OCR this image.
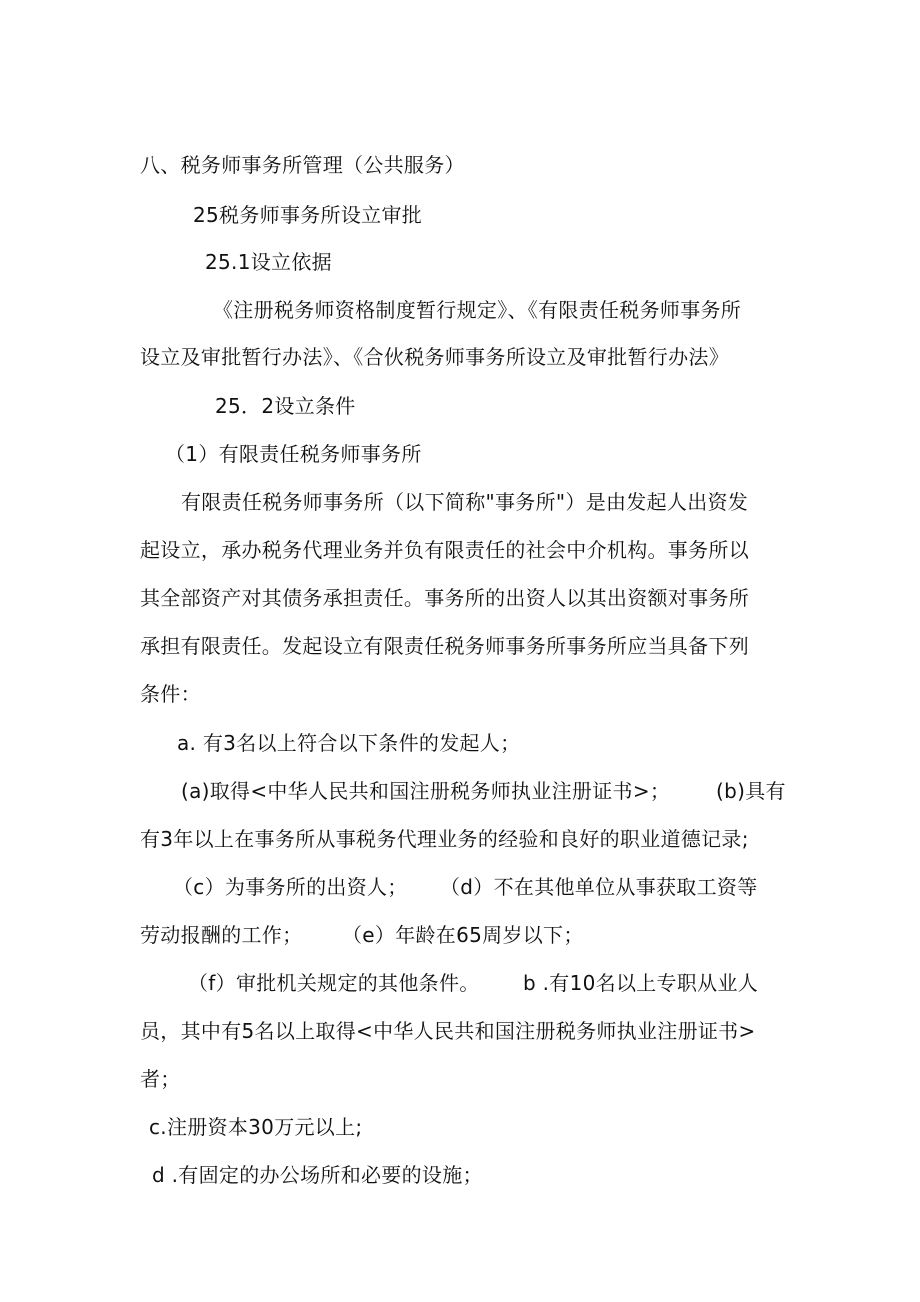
八、税务师事务所管理（公共服务）
25税务师事务所设立审批
25.1设立依据
《注册税务师资格制度暂行规定》、《有限责任税务师事务所
设立及审批暂行办法》、《合伙税务师事务所设立及审批暂行办法》
25．2设立条件
（1）有限责任税务师事务所
有限责任税务师事务所（以下简称"事务所"）是由发起人出资发
起设立，承办税务代理业务并负有限责任的社会中介机构。事务所以
其全部资产对其债务承担责任。事务所的出资人以其出资额对事务所
承担有限责任。发起设立有限责任税务师事务所事务所应当具备下列
条件：
a. 有3名以上符合以下条件的发起人；
(a)取得<中华人民共和国注册税务师执业注册证书>； (b)具有
有3年以上在事务所从事税务代理业务的经验和良好的职业道德记录;
（c）为事务所的出资人； （d）不在其他单位从事获取工资等
劳动报酬的工作； （e）年龄在65周岁以下；
（f）审批机关规定的其他条件。 b .有10名以上专职从业人
员，其中有5名以上取得<中华人民共和国注册税务师执业注册证书>
者；
c.注册资本30万元以上;
d .有固定的办公场所和必要的设施；
